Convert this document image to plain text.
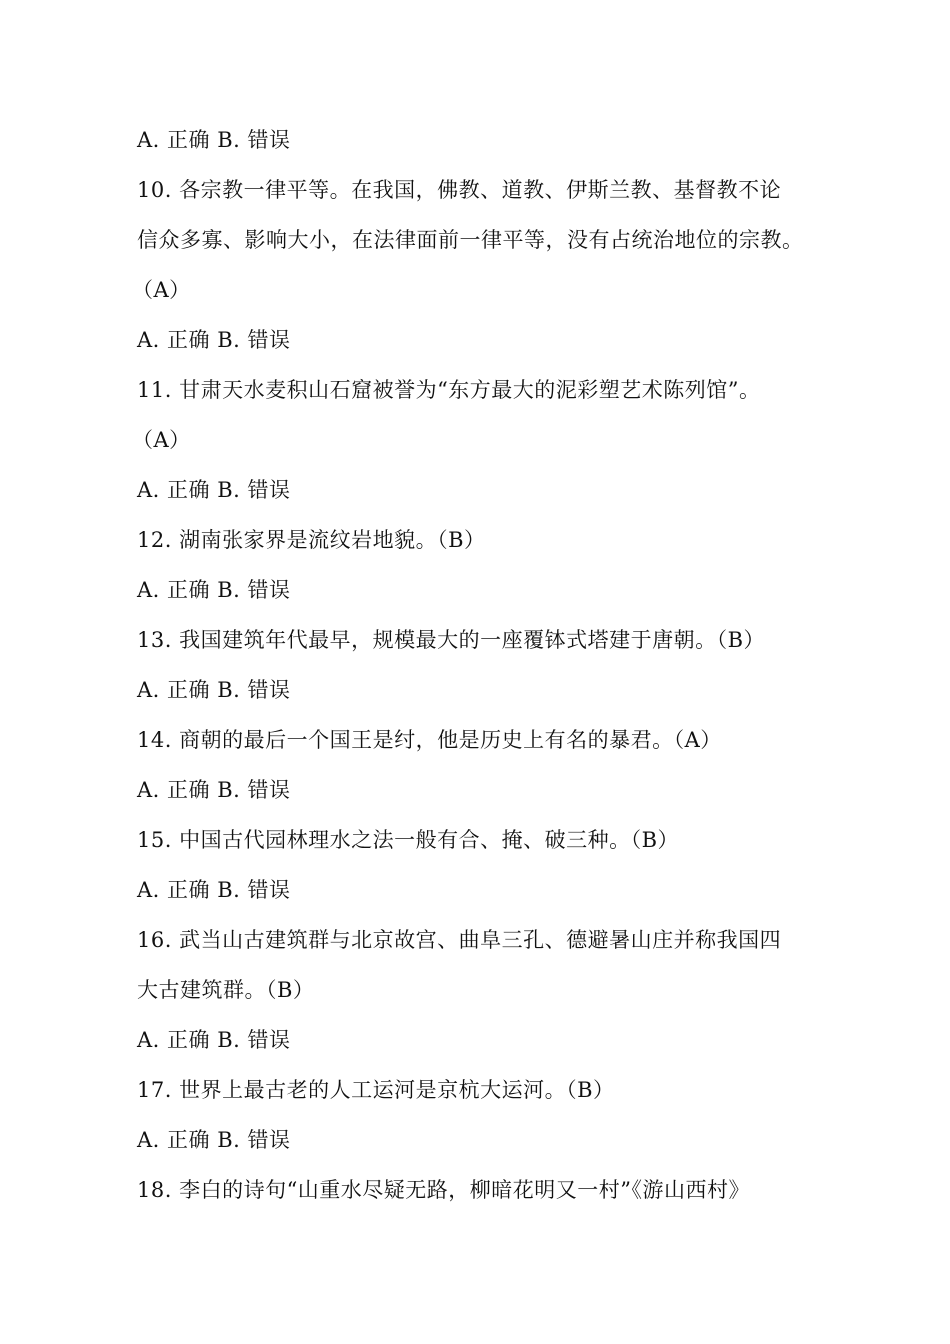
A. 正确 B. 错误
10. 各宗教一律平等。在我国，佛教、道教、伊斯兰教、基督教不论
信众多寡、影响大小，在法律面前一律平等，没有占统治地位的宗教。
（A）
A. 正确 B. 错误
11. 甘肃天水麦积山石窟被誉为“东方最大的泥彩塑艺术陈列馆”。
（A）
A. 正确 B. 错误
12. 湖南张家界是流纹岩地貌。（B）
A. 正确 B. 错误
13. 我国建筑年代最早，规模最大的一座覆钵式塔建于唐朝。（B）
A. 正确 B. 错误
14. 商朝的最后一个国王是纣，他是历史上有名的暴君。（A）
A. 正确 B. 错误
15. 中国古代园林理水之法一般有合、掩、破三种。（B）
A. 正确 B. 错误
16. 武当山古建筑群与北京故宫、曲阜三孔、德避暑山庄并称我国四
大古建筑群。（B）
A. 正确 B. 错误
17. 世界上最古老的人工运河是京杭大运河。（B）
A. 正确 B. 错误
18. 李白的诗句“山重水尽疑无路，柳暗花明又一村”《游山西村》
